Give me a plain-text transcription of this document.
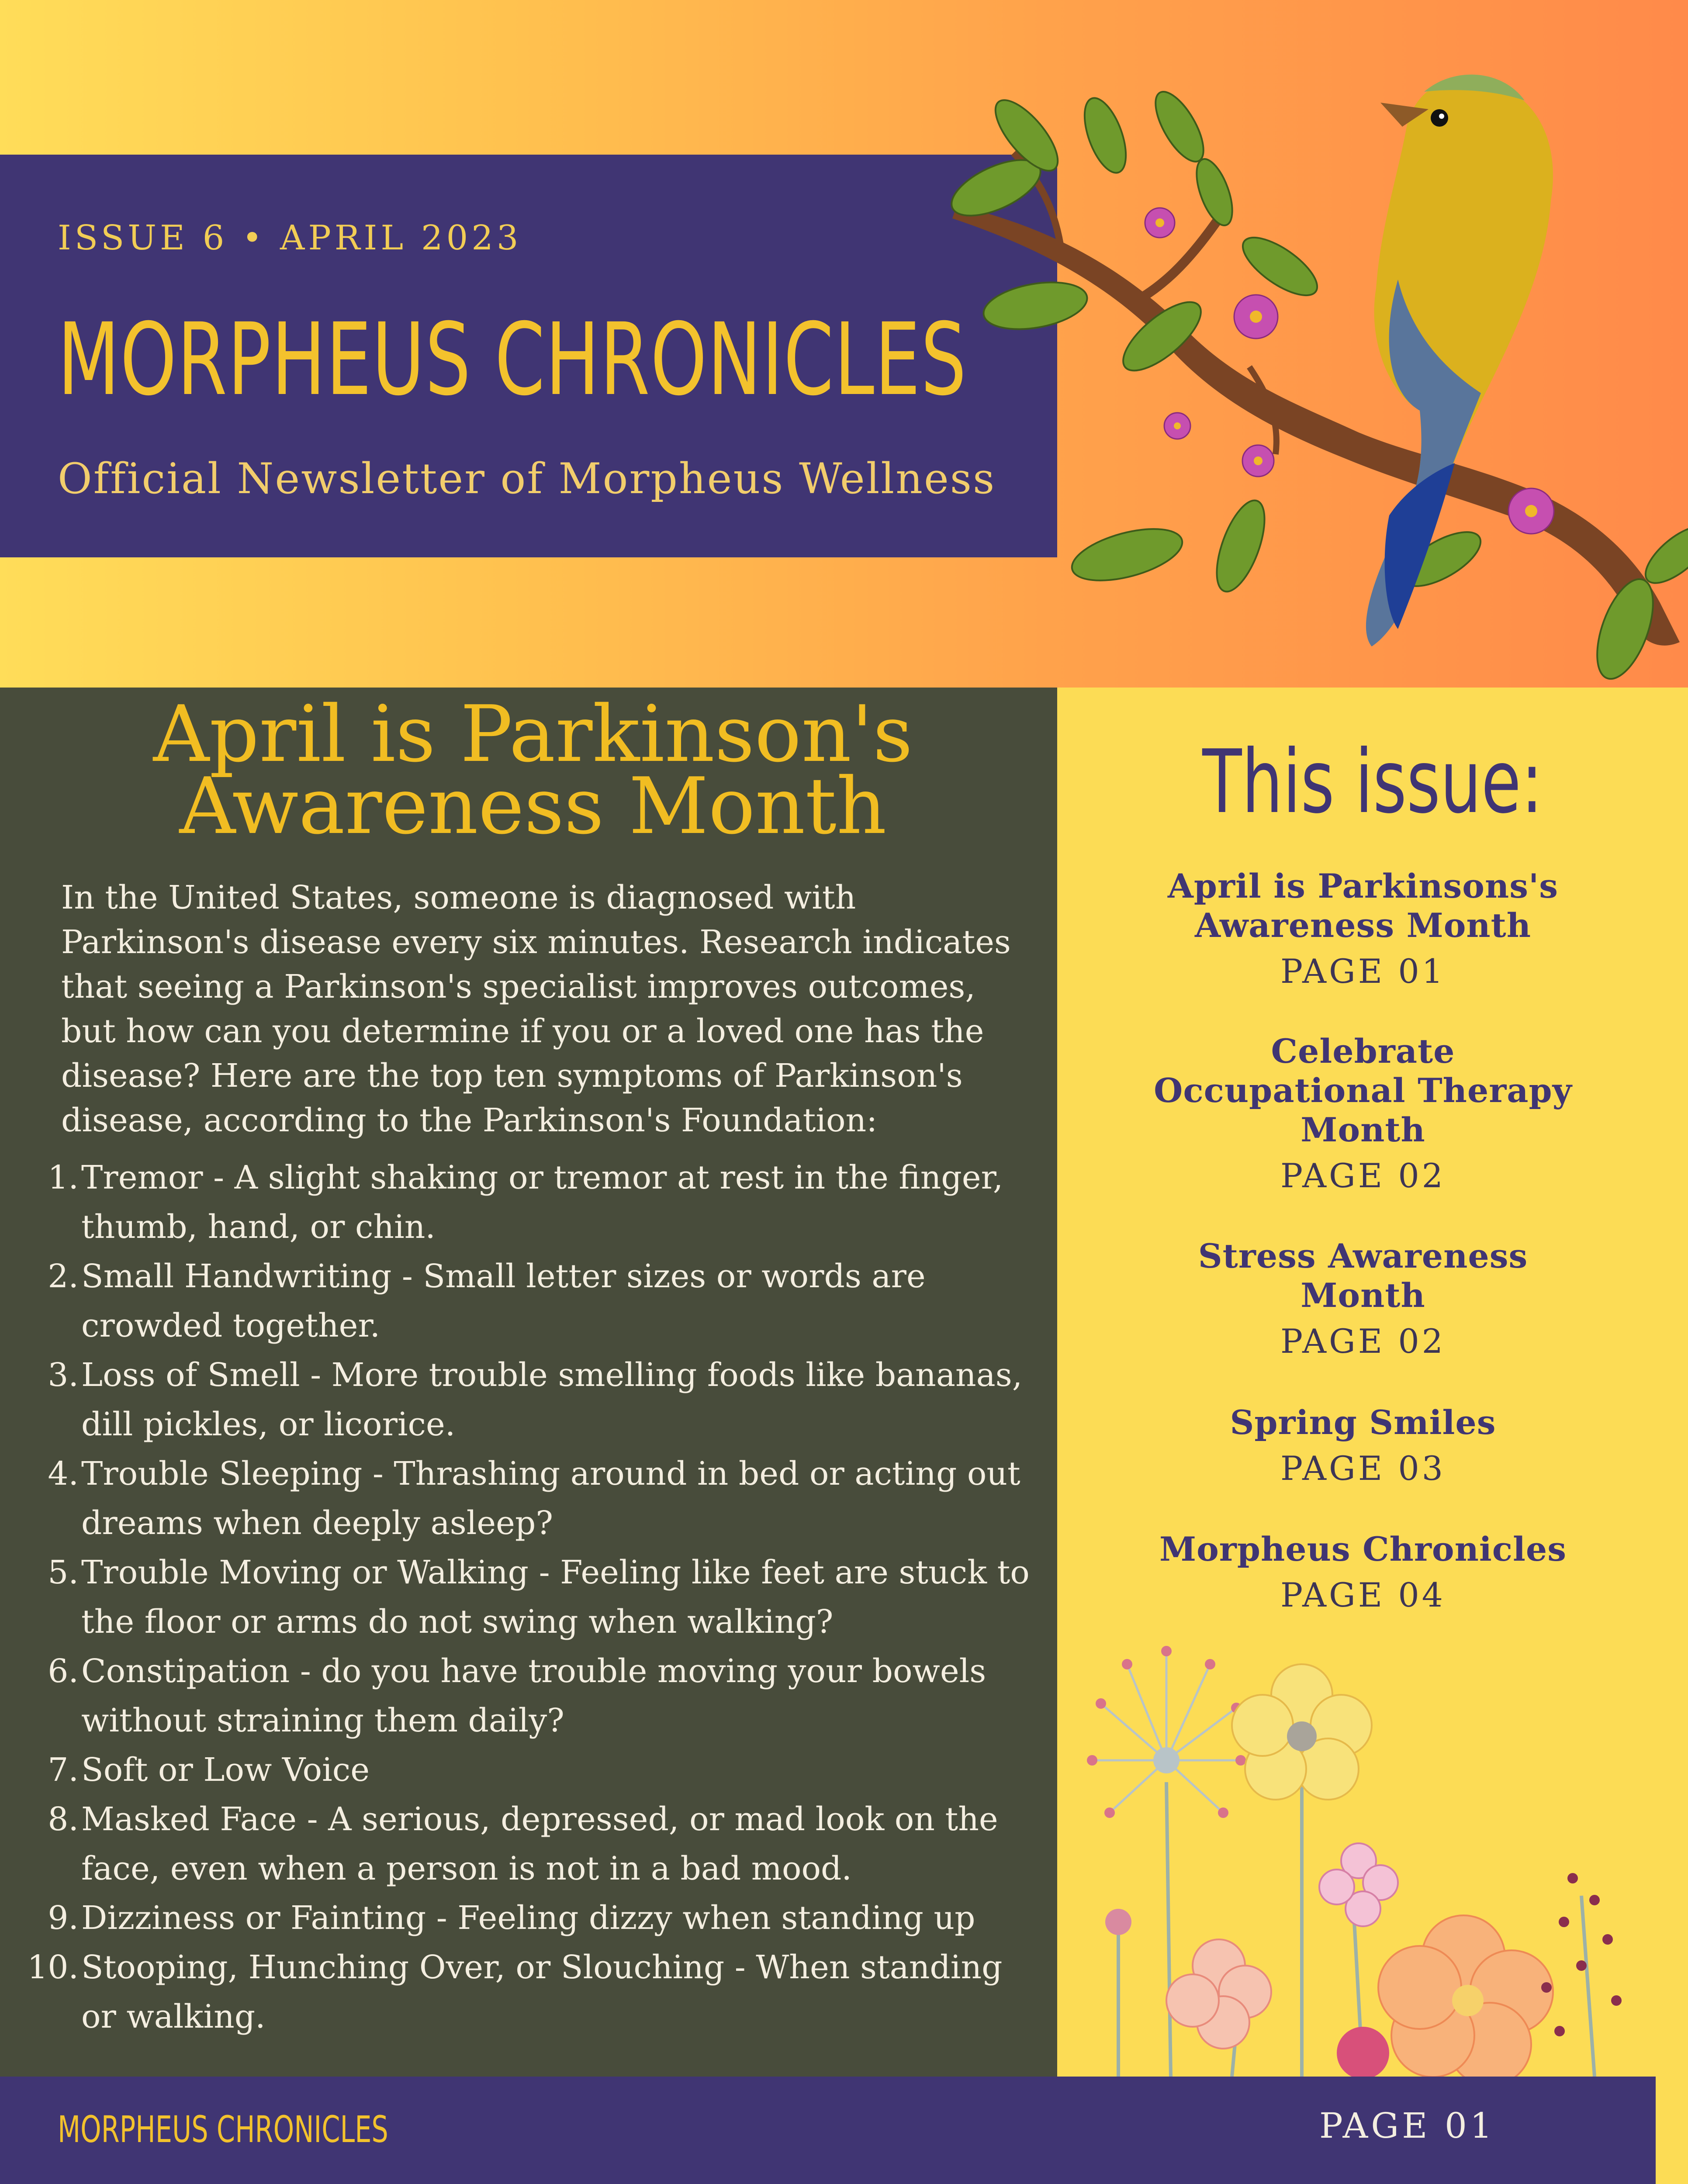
ISSUE 6 • APRIL 2023
MORPHEUS CHRONICLES
Official Newsletter of Morpheus Wellness
April is Parkinson's
Awareness Month

In the United States, someone is diagnosed with Parkinson's disease every six minutes. Research indicates that seeing a Parkinson's specialist improves outcomes, but how can you determine if you or a loved one has the disease? Here are the top ten symptoms of Parkinson's disease, according to the Parkinson's Foundation:

1. Tremor - A slight shaking or tremor at rest in the finger, thumb, hand, or chin.
2. Small Handwriting - Small letter sizes or words are crowded together.
3. Loss of Smell - More trouble smelling foods like bananas, dill pickles, or licorice.
4. Trouble Sleeping - Thrashing around in bed or acting out dreams when deeply asleep?
5. Trouble Moving or Walking - Feeling like feet are stuck to the floor or arms do not swing when walking?
6. Constipation - do you have trouble moving your bowels without straining them daily?
7. Soft or Low Voice
8. Masked Face - A serious, depressed, or mad look on the face, even when a person is not in a bad mood.
9. Dizziness or Fainting - Feeling dizzy when standing up
10. Stooping, Hunching Over, or Slouching - When standing or walking.
This issue:
April is Parkinsons's Awareness Month
PAGE 01
Celebrate Occupational Therapy Month
PAGE 02
Stress Awareness Month
PAGE 02
Spring Smiles
PAGE 03
Morpheus Chronicles
PAGE 04
MORPHEUS CHRONICLES	PAGE 01
